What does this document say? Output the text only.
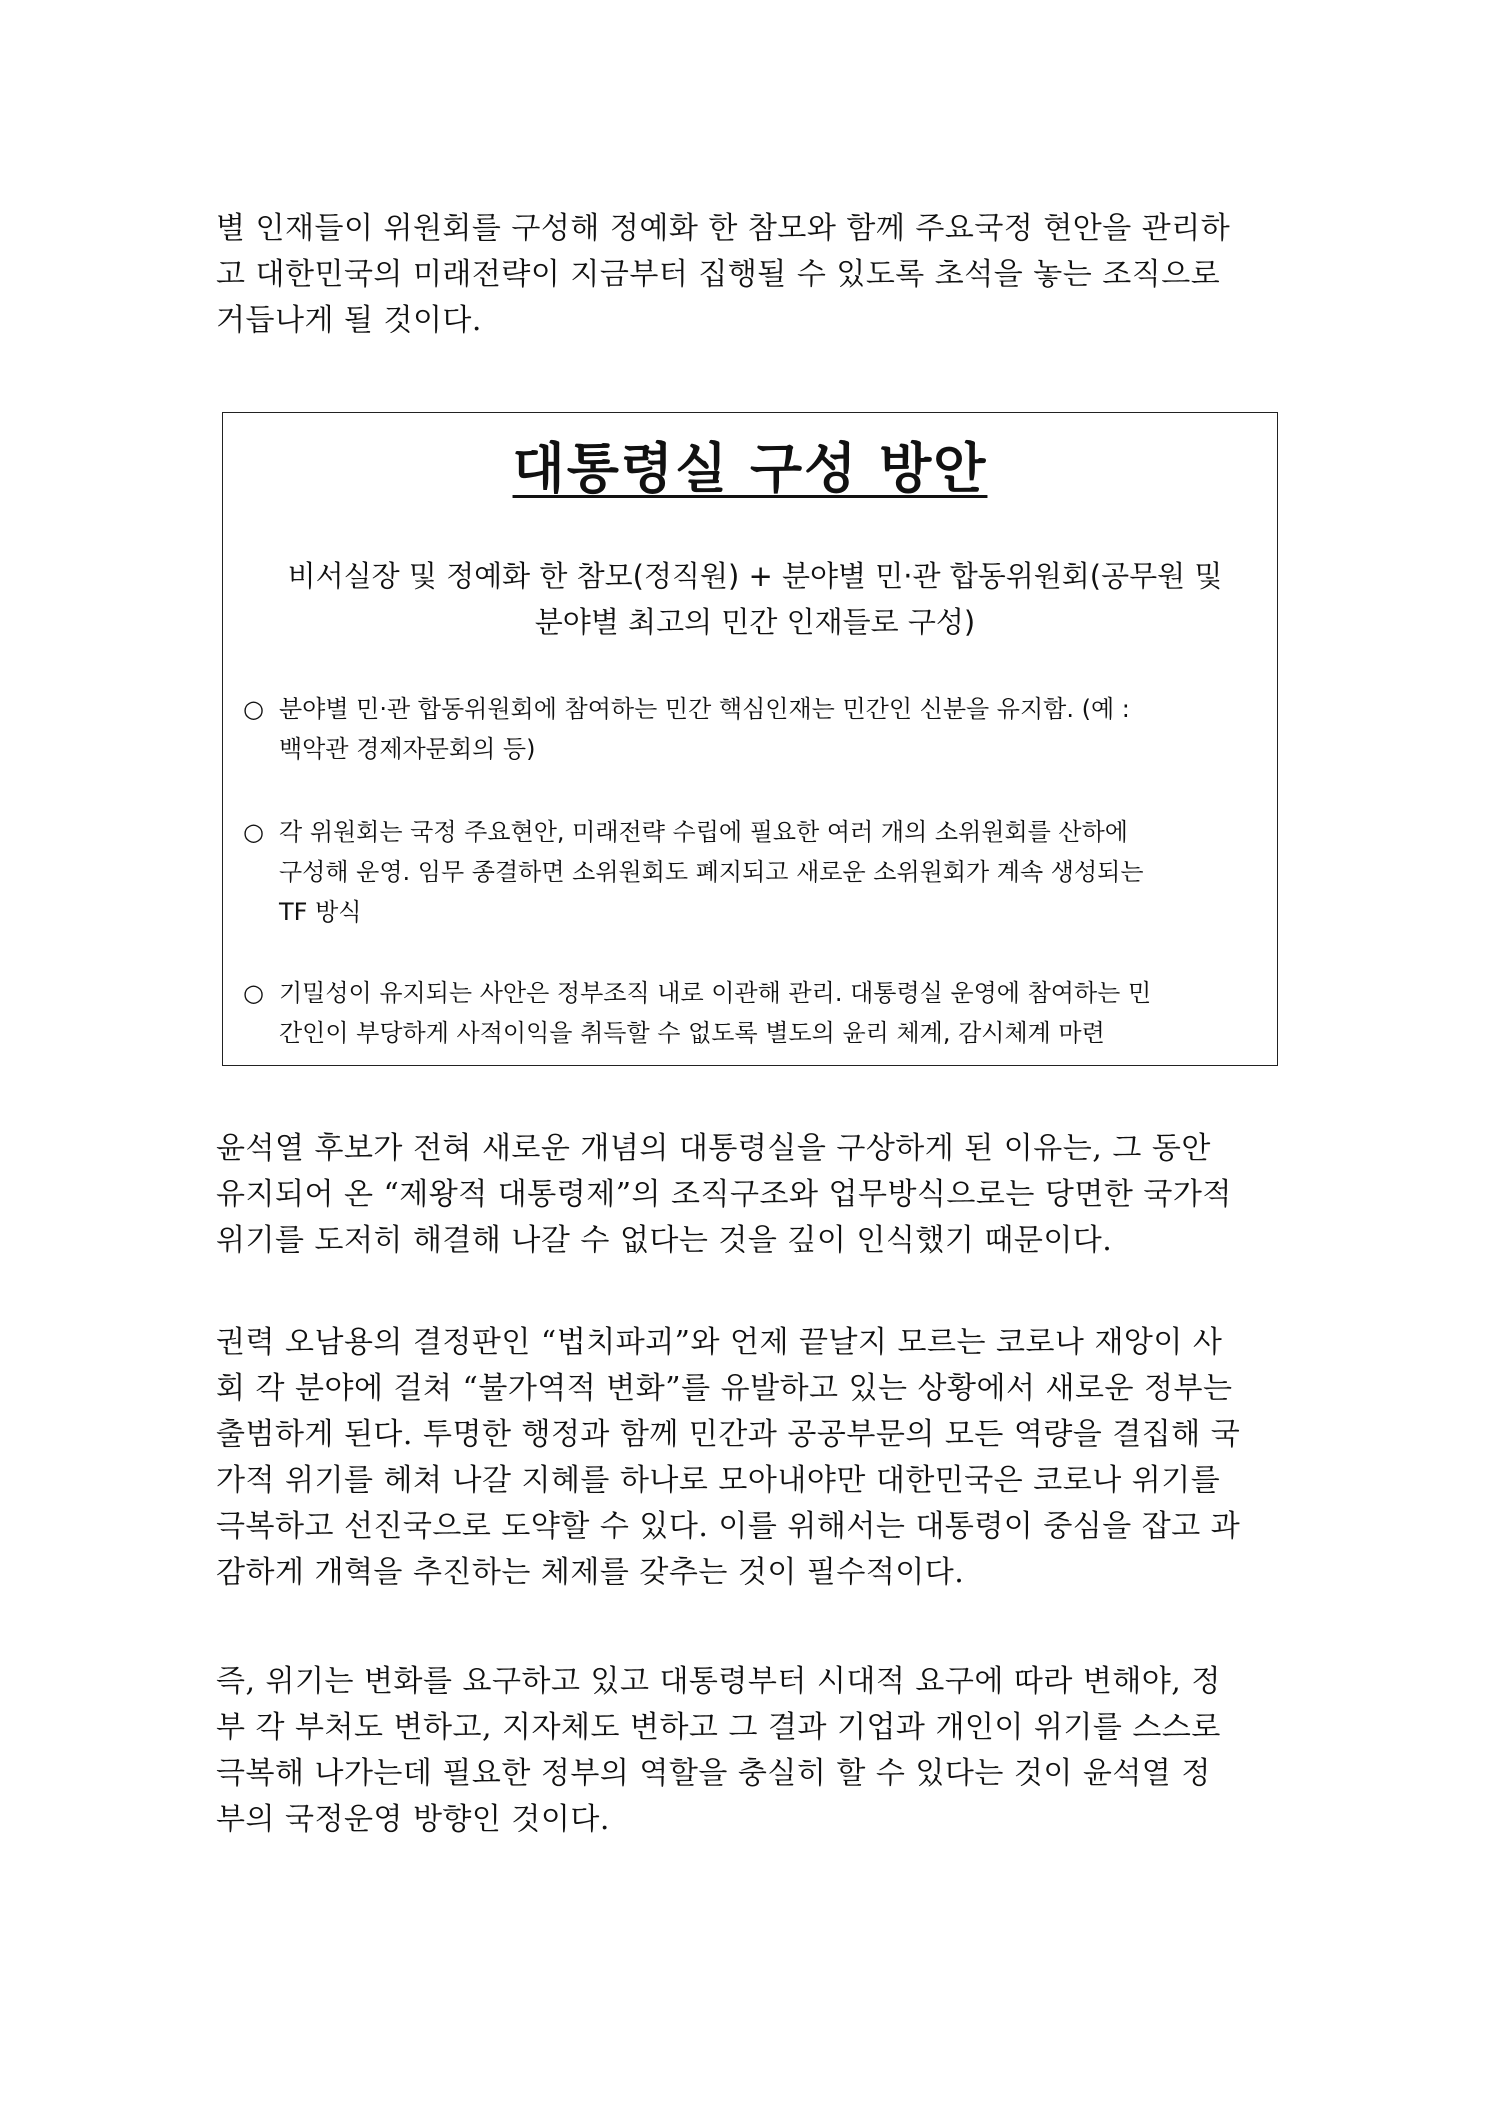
별 인재들이 위원회를 구성해 정예화 한 참모와 함께 주요국정 현안을 관리하
고 대한민국의 미래전략이 지금부터 집행될 수 있도록 초석을 놓는 조직으로
거듭나게 될 것이다.
대통령실 구성 방안
비서실장 및 정예화 한 참모(정직원) + 분야별 민·관 합동위원회(공무원 및
분야별 최고의 민간 인재들로 구성)
○ 분야별 민·관 합동위원회에 참여하는 민간 핵심인재는 민간인 신분을 유지함. (예 :
백악관 경제자문회의 등)
○ 각 위원회는 국정 주요현안, 미래전략 수립에 필요한 여러 개의 소위원회를 산하에
구성해 운영. 임무 종결하면 소위원회도 폐지되고 새로운 소위원회가 계속 생성되는
TF 방식
○ 기밀성이 유지되는 사안은 정부조직 내로 이관해 관리. 대통령실 운영에 참여하는 민
간인이 부당하게 사적이익을 취득할 수 없도록 별도의 윤리 체계, 감시체계 마련
윤석열 후보가 전혀 새로운 개념의 대통령실을 구상하게 된 이유는, 그 동안
유지되어 온 “제왕적 대통령제”의 조직구조와 업무방식으로는 당면한 국가적
위기를 도저히 해결해 나갈 수 없다는 것을 깊이 인식했기 때문이다.
권력 오남용의 결정판인 “법치파괴”와 언제 끝날지 모르는 코로나 재앙이 사
회 각 분야에 걸쳐 “불가역적 변화”를 유발하고 있는 상황에서 새로운 정부는
출범하게 된다. 투명한 행정과 함께 민간과 공공부문의 모든 역량을 결집해 국
가적 위기를 헤쳐 나갈 지혜를 하나로 모아내야만 대한민국은 코로나 위기를
극복하고 선진국으로 도약할 수 있다. 이를 위해서는 대통령이 중심을 잡고 과
감하게 개혁을 추진하는 체제를 갖추는 것이 필수적이다.
즉, 위기는 변화를 요구하고 있고 대통령부터 시대적 요구에 따라 변해야, 정
부 각 부처도 변하고, 지자체도 변하고 그 결과 기업과 개인이 위기를 스스로
극복해 나가는데 필요한 정부의 역할을 충실히 할 수 있다는 것이 윤석열 정
부의 국정운영 방향인 것이다.
